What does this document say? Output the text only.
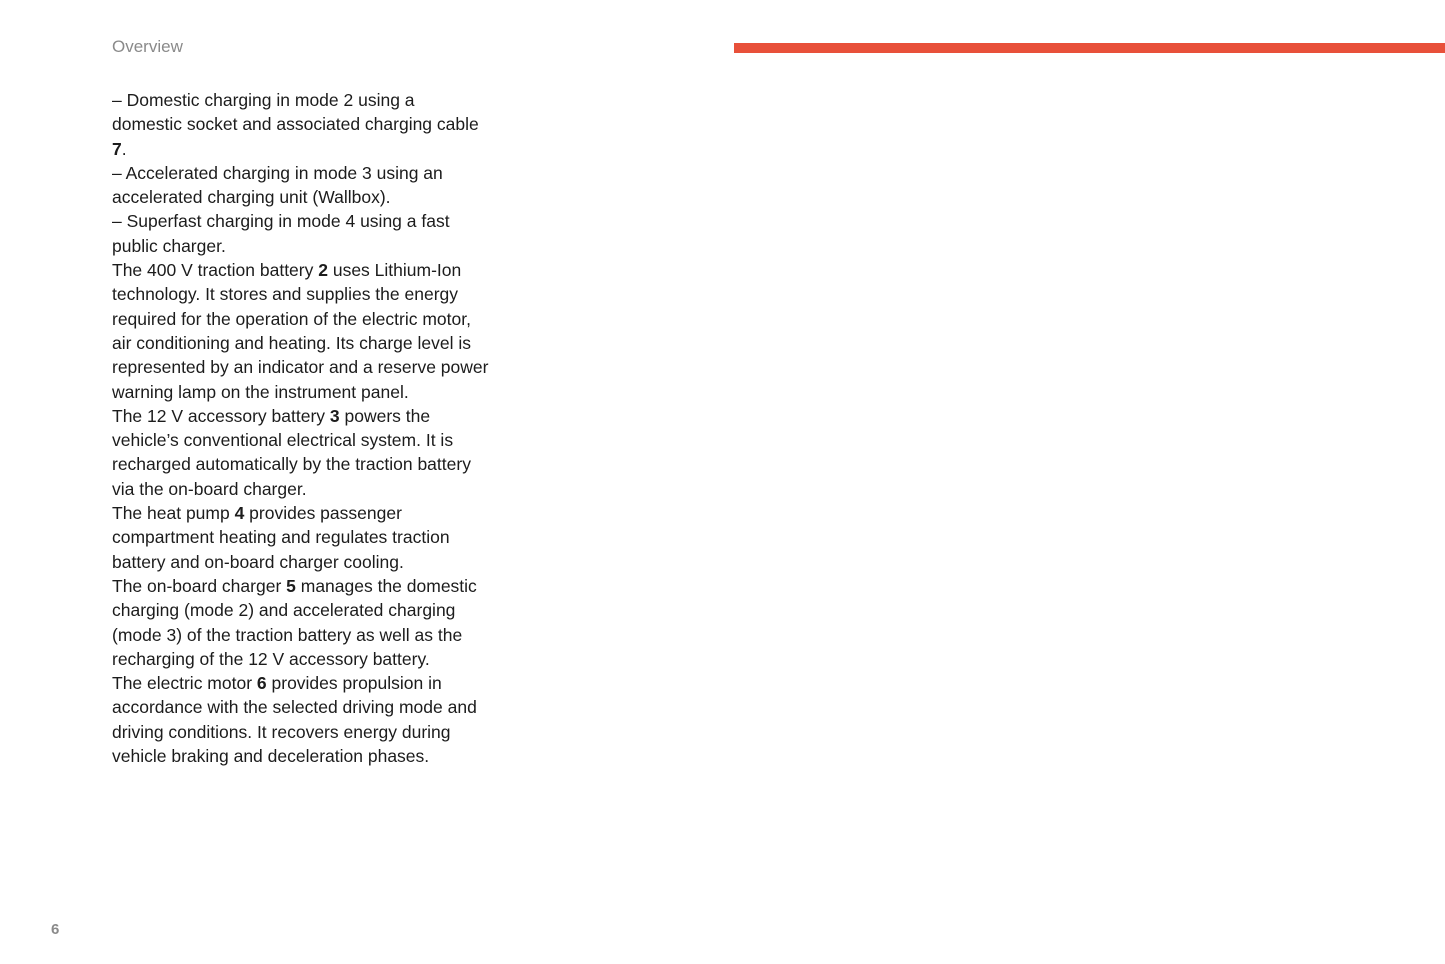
Overview

– Domestic charging in mode 2 using a
domestic socket and associated charging cable
7.

– Accelerated charging in mode 3 using an
accelerated charging unit (Wallbox).

– Superfast charging in mode 4 using a fast
public charger.

The 400 V traction battery 2 uses Lithium-Ion
technology. It stores and supplies the energy
required for the operation of the electric motor,
air conditioning and heating. Its charge level is
represented by an indicator and a reserve power
warning lamp on the instrument panel.

The 12 V accessory battery 3 powers the
vehicle’s conventional electrical system. It is
recharged automatically by the traction battery
via the on-board charger.

The heat pump 4 provides passenger
compartment heating and regulates traction
battery and on-board charger cooling.

The on-board charger 5 manages the domestic
charging (mode 2) and accelerated charging
(mode 3) of the traction battery as well as the
recharging of the 12 V accessory battery.

The electric motor 6 provides propulsion in
accordance with the selected driving mode and
driving conditions. It recovers energy during
vehicle braking and deceleration phases.

6
